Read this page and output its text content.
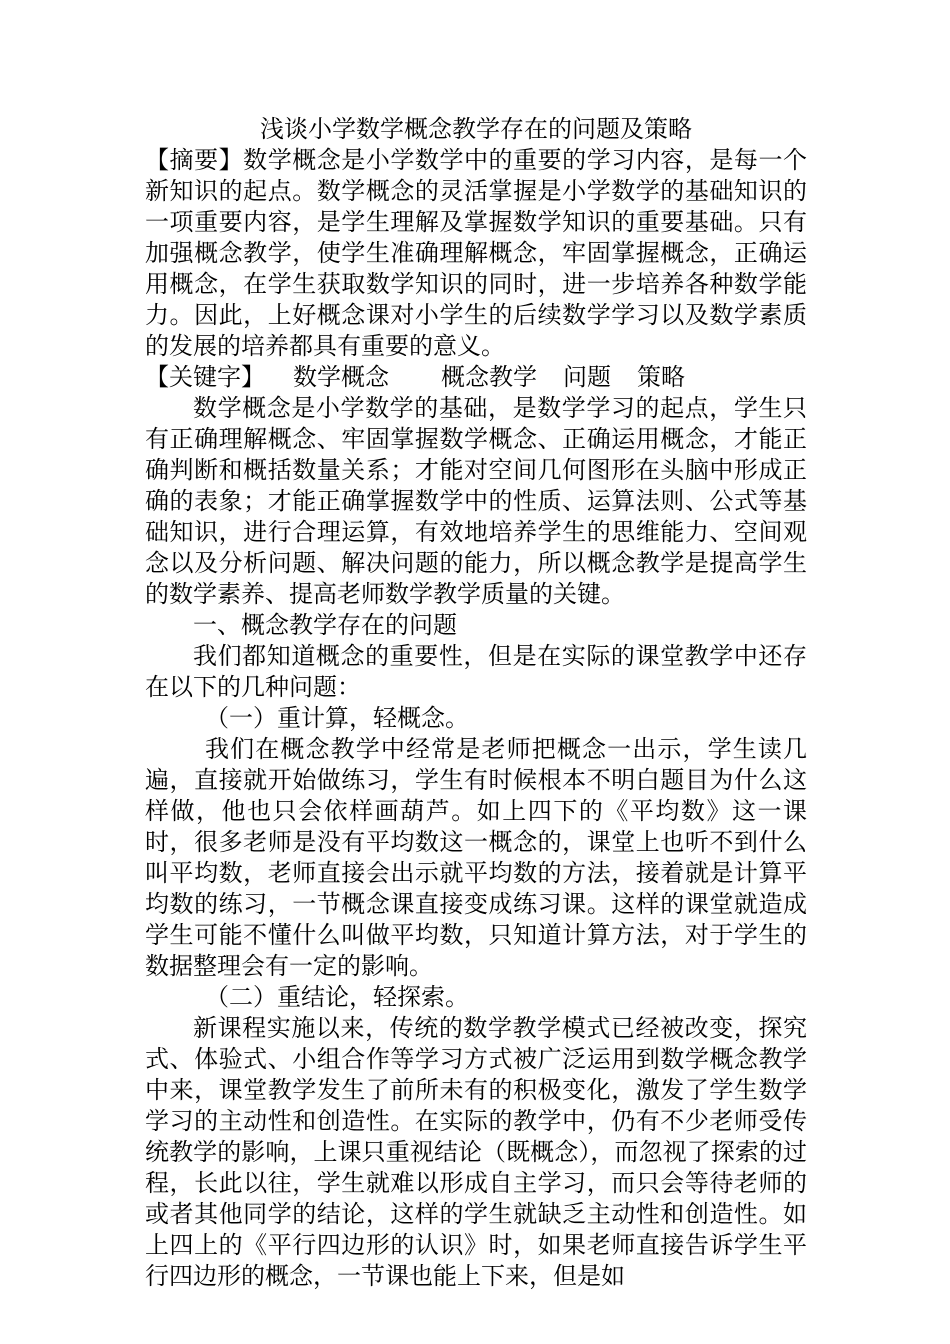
浅谈小学数学概念教学存在的问题及策略

【摘要】数学概念是小学数学中的重要的学习内容，是每一个新知识的起点。数学概念的灵活掌握是小学数学的基础知识的一项重要内容，是学生理解及掌握数学知识的重要基础。只有加强概念教学，使学生准确理解概念，牢固掌握概念，正确运用概念，在学生获取数学知识的同时，进一步培养各种数学能力。因此，上好概念课对小学生的后续数学学习以及数学素质的发展的培养都具有重要的意义。

【关键字】 数学概念 概念教学 问题 策略

数学概念是小学数学的基础，是数学学习的起点，学生只有正确理解概念、牢固掌握数学概念、正确运用概念，才能正确判断和概括数量关系；才能对空间几何图形在头脑中形成正确的表象；才能正确掌握数学中的性质、运算法则、公式等基础知识，进行合理运算，有效地培养学生的思维能力、空间观念以及分析问题、解决问题的能力，所以概念教学是提高学生的数学素养、提高老师数学教学质量的关键。

一、概念教学存在的问题

我们都知道概念的重要性，但是在实际的课堂教学中还存在以下的几种问题：

（一）重计算，轻概念。

我们在概念教学中经常是老师把概念一出示，学生读几遍，直接就开始做练习，学生有时候根本不明白题目为什么这样做，他也只会依样画葫芦。如上四下的《平均数》这一课时，很多老师是没有平均数这一概念的，课堂上也听不到什么叫平均数，老师直接会出示就平均数的方法，接着就是计算平均数的练习，一节概念课直接变成练习课。这样的课堂就造成学生可能不懂什么叫做平均数，只知道计算方法，对于学生的数据整理会有一定的影响。

（二）重结论，轻探索。

新课程实施以来，传统的数学教学模式已经被改变，探究式、体验式、小组合作等学习方式被广泛运用到数学概念教学中来，课堂教学发生了前所未有的积极变化，激发了学生数学学习的主动性和创造性。在实际的教学中，仍有不少老师受传统教学的影响，上课只重视结论（既概念），而忽视了探索的过程，长此以往，学生就难以形成自主学习，而只会等待老师的或者其他同学的结论，这样的学生就缺乏主动性和创造性。如上四上的《平行四边形的认识》时，如果老师直接告诉学生平行四边形的概念，一节课也能上下来，但是如
